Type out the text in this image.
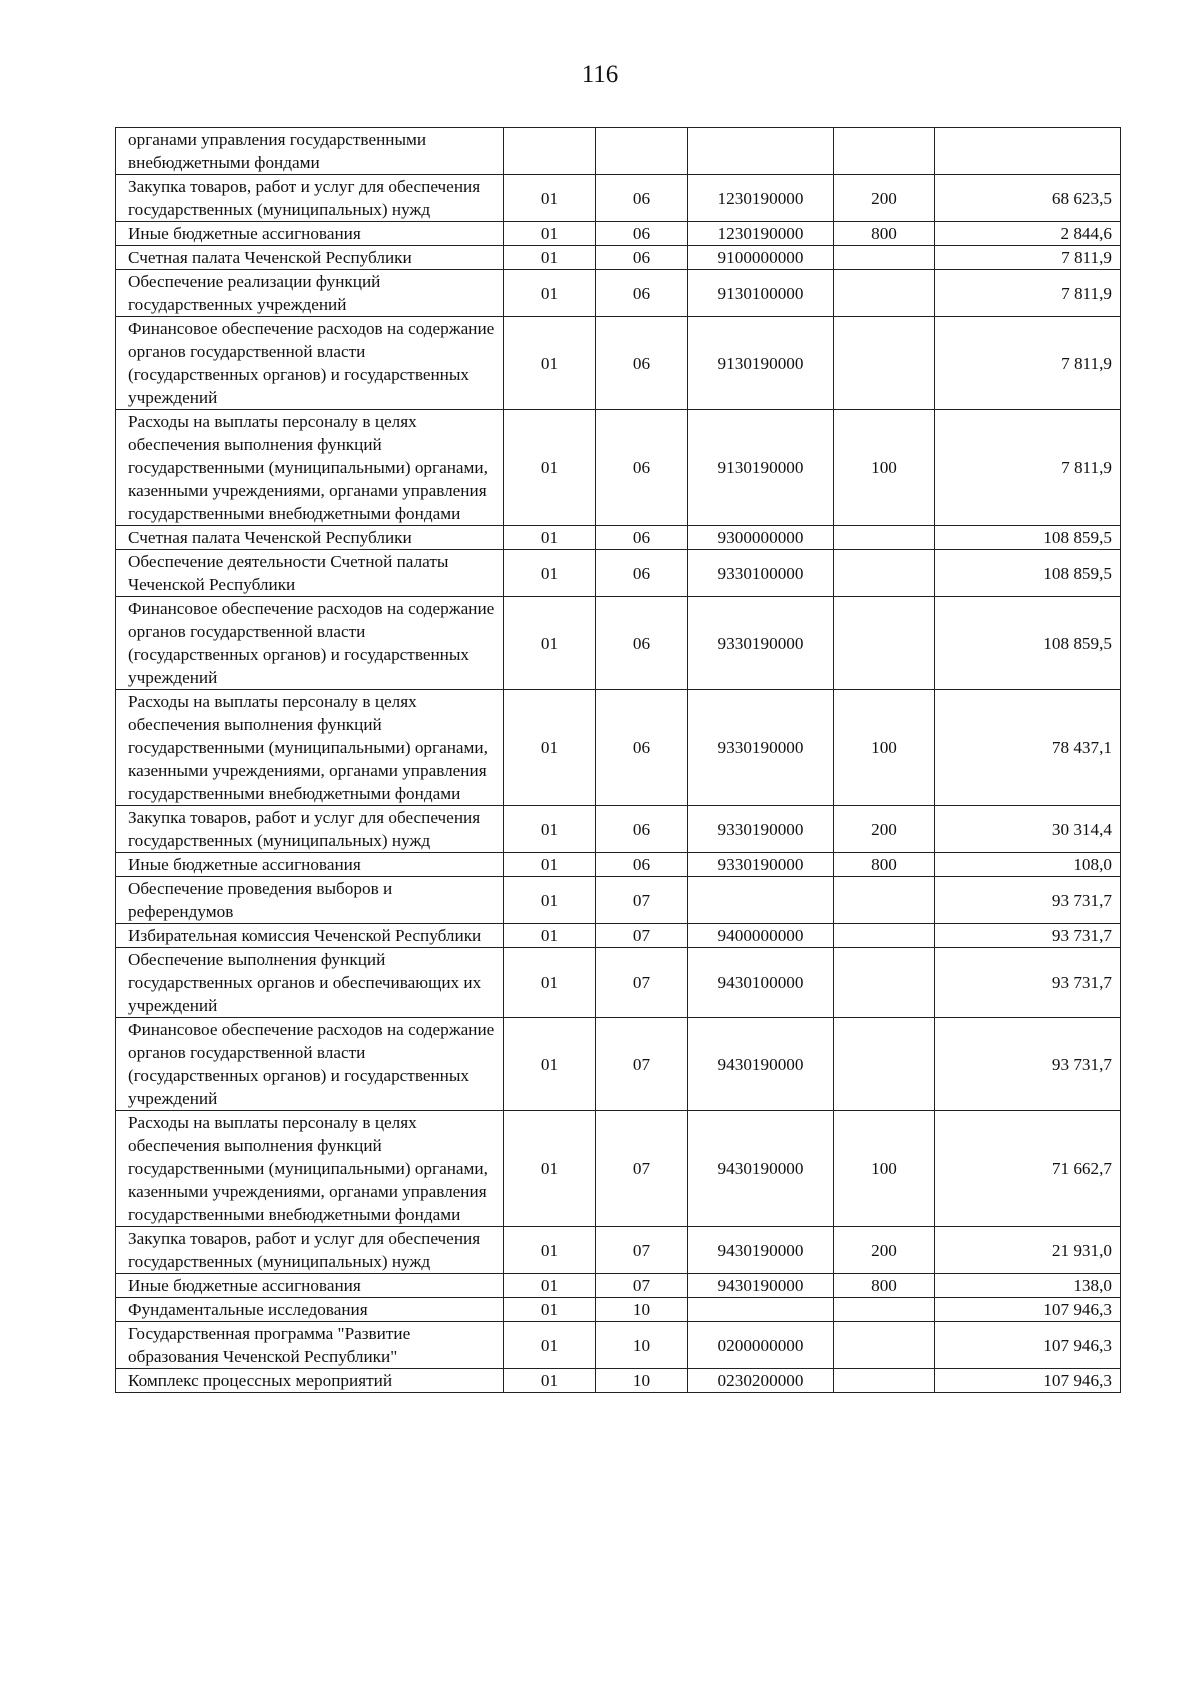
116
органами управления государственными внебюджетными фондами					
Закупка товаров, работ и услуг для обеспечения государственных (муниципальных) нужд	01	06	1230190000	200	68 623,5
Иные бюджетные ассигнования	01	06	1230190000	800	2 844,6
Счетная палата Чеченской Республики	01	06	9100000000		7 811,9
Обеспечение реализации функций государственных учреждений	01	06	9130100000		7 811,9
Финансовое обеспечение расходов на содержание органов государственной власти (государственных органов) и государственных учреждений	01	06	9130190000		7 811,9
Расходы на выплаты персоналу в целях обеспечения выполнения функций государственными (муниципальными) органами, казенными учреждениями, органами управления государственными внебюджетными фондами	01	06	9130190000	100	7 811,9
Счетная палата Чеченской Республики	01	06	9300000000		108 859,5
Обеспечение деятельности Счетной палаты Чеченской Республики	01	06	9330100000		108 859,5
Финансовое обеспечение расходов на содержание органов государственной власти (государственных органов) и государственных учреждений	01	06	9330190000		108 859,5
Расходы на выплаты персоналу в целях обеспечения выполнения функций государственными (муниципальными) органами, казенными учреждениями, органами управления государственными внебюджетными фондами	01	06	9330190000	100	78 437,1
Закупка товаров, работ и услуг для обеспечения государственных (муниципальных) нужд	01	06	9330190000	200	30 314,4
Иные бюджетные ассигнования	01	06	9330190000	800	108,0
Обеспечение проведения выборов и референдумов	01	07			93 731,7
Избирательная комиссия Чеченской Республики	01	07	9400000000		93 731,7
Обеспечение выполнения функций государственных органов и обеспечивающих их учреждений	01	07	9430100000		93 731,7
Финансовое обеспечение расходов на содержание органов государственной власти (государственных органов) и государственных учреждений	01	07	9430190000		93 731,7
Расходы на выплаты персоналу в целях обеспечения выполнения функций государственными (муниципальными) органами, казенными учреждениями, органами управления государственными внебюджетными фондами	01	07	9430190000	100	71 662,7
Закупка товаров, работ и услуг для обеспечения государственных (муниципальных) нужд	01	07	9430190000	200	21 931,0
Иные бюджетные ассигнования	01	07	9430190000	800	138,0
Фундаментальные исследования	01	10			107 946,3
Государственная программа "Развитие образования Чеченской Республики"	01	10	0200000000		107 946,3
Комплекс процессных мероприятий	01	10	0230200000		107 946,3
